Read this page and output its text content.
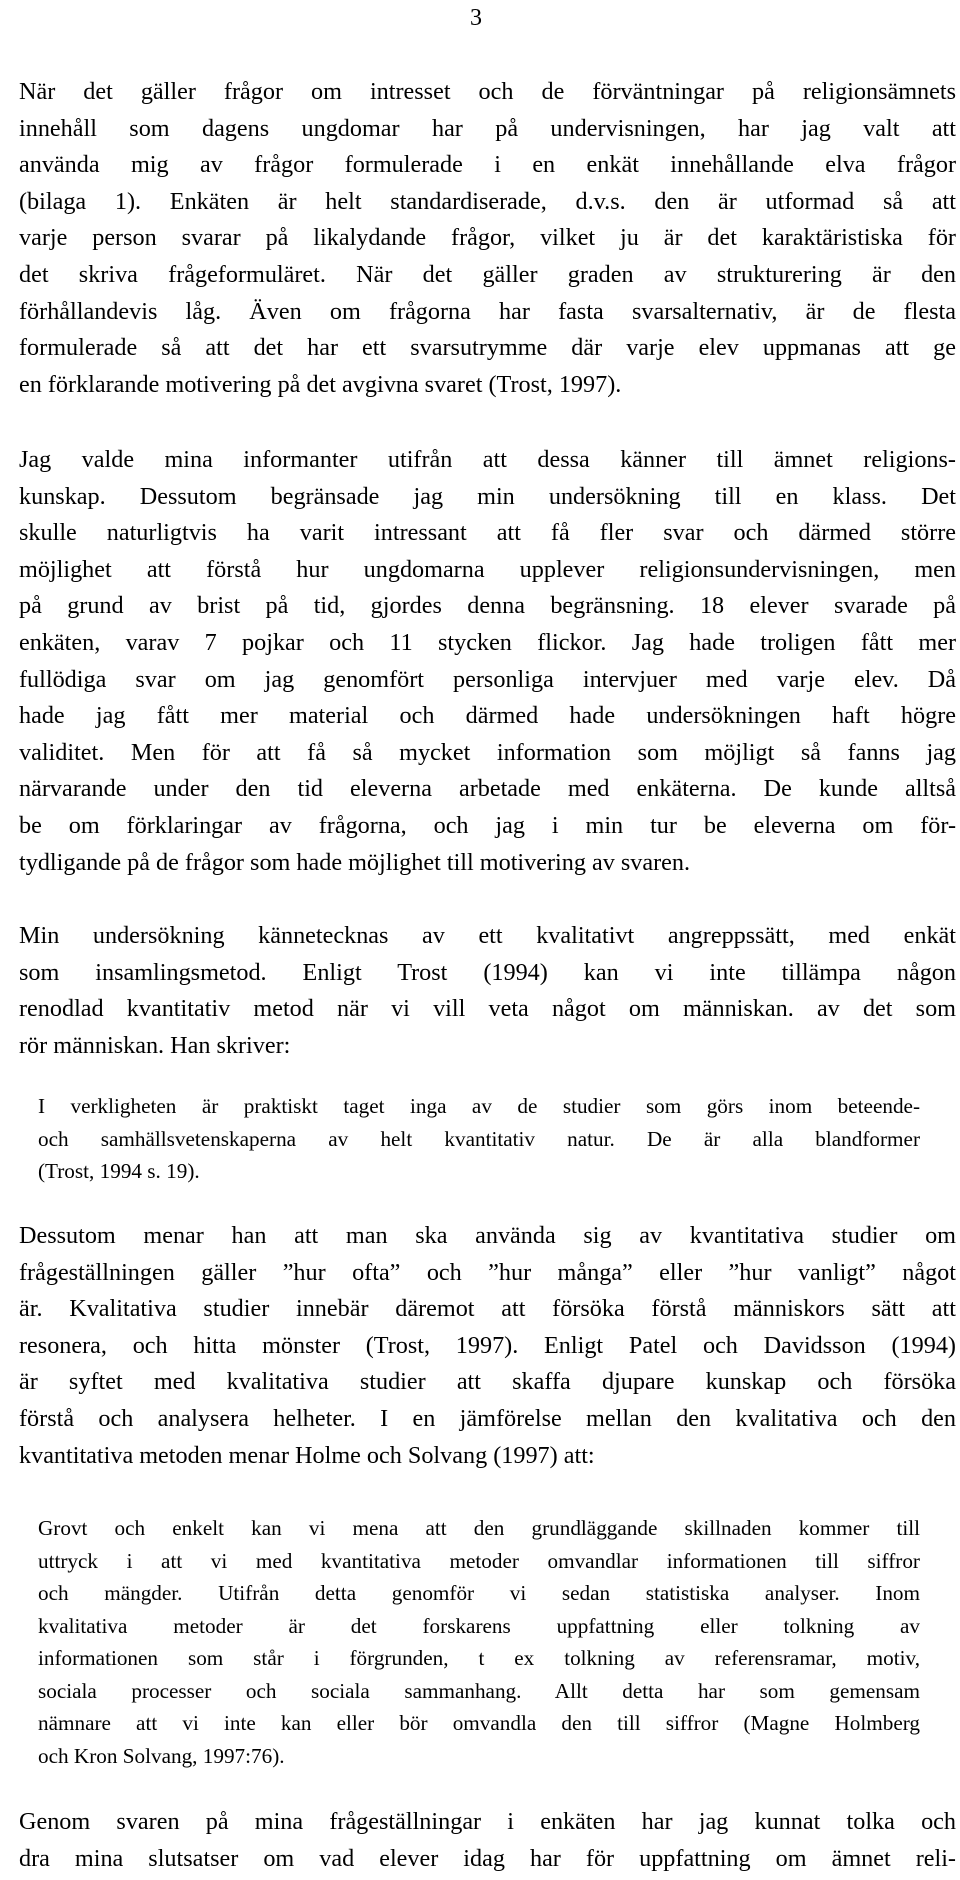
3

När det gäller frågor om intresset och de förväntningar på religionsämnets
innehåll som dagens ungdomar har på undervisningen, har jag valt att
använda mig av frågor formulerade i en enkät innehållande elva frågor
(bilaga 1). Enkäten är helt standardiserade, d.v.s. den är utformad så att
varje person svarar på likalydande frågor, vilket ju är det karaktäristiska för
det skriva frågeformuläret. När det gäller graden av strukturering är den
förhållandevis låg. Även om frågorna har fasta svarsalternativ, är de flesta
formulerade så att det har ett svarsutrymme där varje elev uppmanas att ge
en förklarande motivering på det avgivna svaret (Trost, 1997).

Jag valde mina informanter utifrån att dessa känner till ämnet religions-
kunskap. Dessutom begränsade jag min undersökning till en klass. Det
skulle naturligtvis ha varit intressant att få fler svar och därmed större
möjlighet att förstå hur ungdomarna upplever religionsundervisningen, men
på grund av brist på tid, gjordes denna begränsning. 18 elever svarade på
enkäten, varav 7 pojkar och 11 stycken flickor. Jag hade troligen fått mer
fullödiga svar om jag genomfört personliga intervjuer med varje elev. Då
hade jag fått mer material och därmed hade undersökningen haft högre
validitet. Men för att få så mycket information som möjligt så fanns jag
närvarande under den tid eleverna arbetade med enkäterna. De kunde alltså
be om förklaringar av frågorna, och jag i min tur be eleverna om för-
tydligande på de frågor som hade möjlighet till motivering av svaren.

Min undersökning kännetecknas av ett kvalitativt angreppssätt, med enkät
som insamlingsmetod. Enligt Trost (1994) kan vi inte tillämpa någon
renodlad kvantitativ metod när vi vill veta något om människan. av det som
rör människan. Han skriver:

I verkligheten är praktiskt taget inga av de studier som görs inom beteende-
och samhällsvetenskaperna av helt kvantitativ natur. De är alla blandformer
(Trost, 1994 s. 19).

Dessutom menar han att man ska använda sig av kvantitativa studier om
frågeställningen gäller ”hur ofta” och ”hur många” eller ”hur vanligt” något
är. Kvalitativa studier innebär däremot att försöka förstå människors sätt att
resonera, och hitta mönster (Trost, 1997). Enligt Patel och Davidsson (1994)
är syftet med kvalitativa studier att skaffa djupare kunskap och försöka
förstå och analysera helheter. I en jämförelse mellan den kvalitativa och den
kvantitativa metoden menar Holme och Solvang (1997) att:

Grovt och enkelt kan vi mena att den grundläggande skillnaden kommer till
uttryck i att vi med kvantitativa metoder omvandlar informationen till siffror
och mängder. Utifrån detta genomför vi sedan statistiska analyser. Inom
kvalitativa metoder är det forskarens uppfattning eller tolkning av
informationen som står i förgrunden, t ex tolkning av referensramar, motiv,
sociala processer och sociala sammanhang. Allt detta har som gemensam
nämnare att vi inte kan eller bör omvandla den till siffror (Magne Holmberg
och Kron Solvang, 1997:76).

Genom svaren på mina frågeställningar i enkäten har jag kunnat tolka och
dra mina slutsatser om vad elever idag har för uppfattning om ämnet reli-
